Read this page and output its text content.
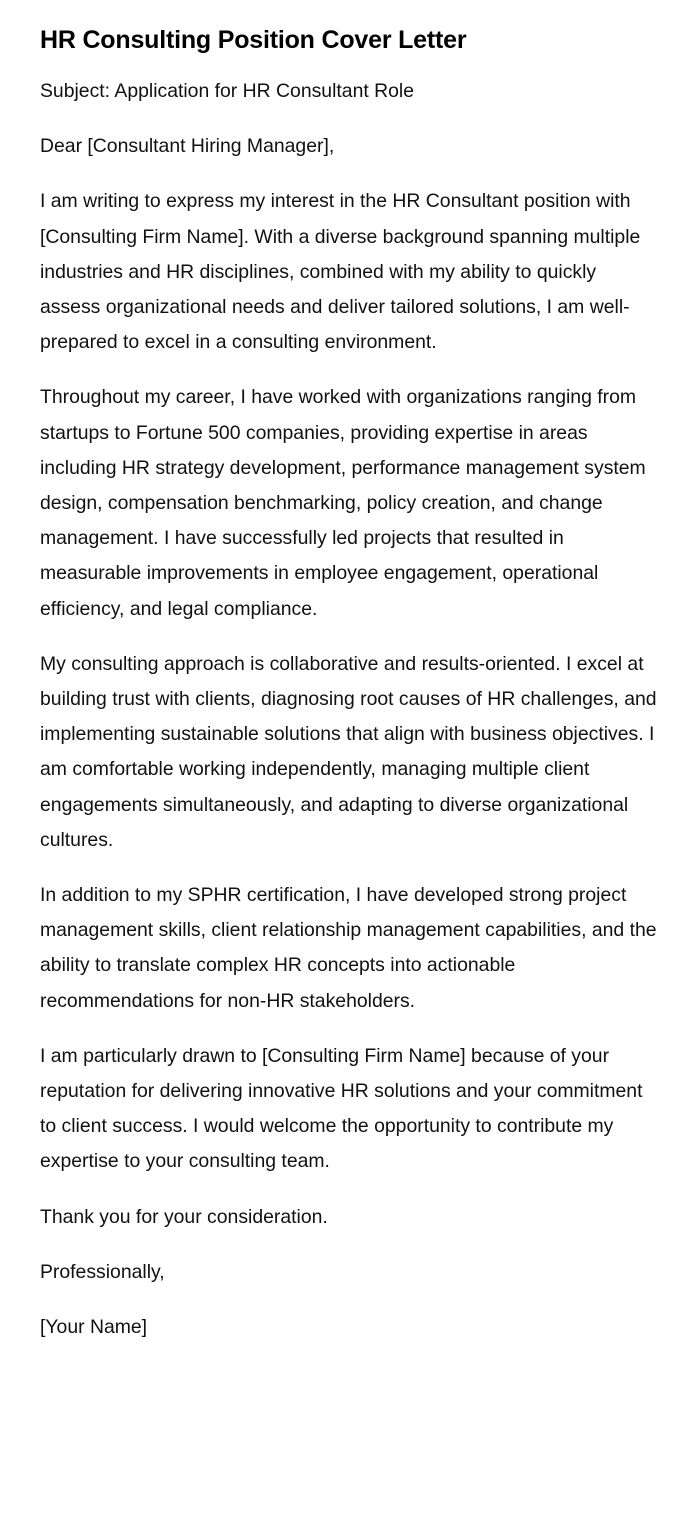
HR Consulting Position Cover Letter

Subject: Application for HR Consultant Role

Dear [Consultant Hiring Manager],

I am writing to express my interest in the HR Consultant position with [Consulting Firm Name]. With a diverse background spanning multiple industries and HR disciplines, combined with my ability to quickly assess organizational needs and deliver tailored solutions, I am well-prepared to excel in a consulting environment.

Throughout my career, I have worked with organizations ranging from startups to Fortune 500 companies, providing expertise in areas including HR strategy development, performance management system design, compensation benchmarking, policy creation, and change management. I have successfully led projects that resulted in measurable improvements in employee engagement, operational efficiency, and legal compliance.

My consulting approach is collaborative and results-oriented. I excel at building trust with clients, diagnosing root causes of HR challenges, and implementing sustainable solutions that align with business objectives. I am comfortable working independently, managing multiple client engagements simultaneously, and adapting to diverse organizational cultures.

In addition to my SPHR certification, I have developed strong project management skills, client relationship management capabilities, and the ability to translate complex HR concepts into actionable recommendations for non-HR stakeholders.

I am particularly drawn to [Consulting Firm Name] because of your reputation for delivering innovative HR solutions and your commitment to client success. I would welcome the opportunity to contribute my expertise to your consulting team.

Thank you for your consideration.

Professionally,

[Your Name]
